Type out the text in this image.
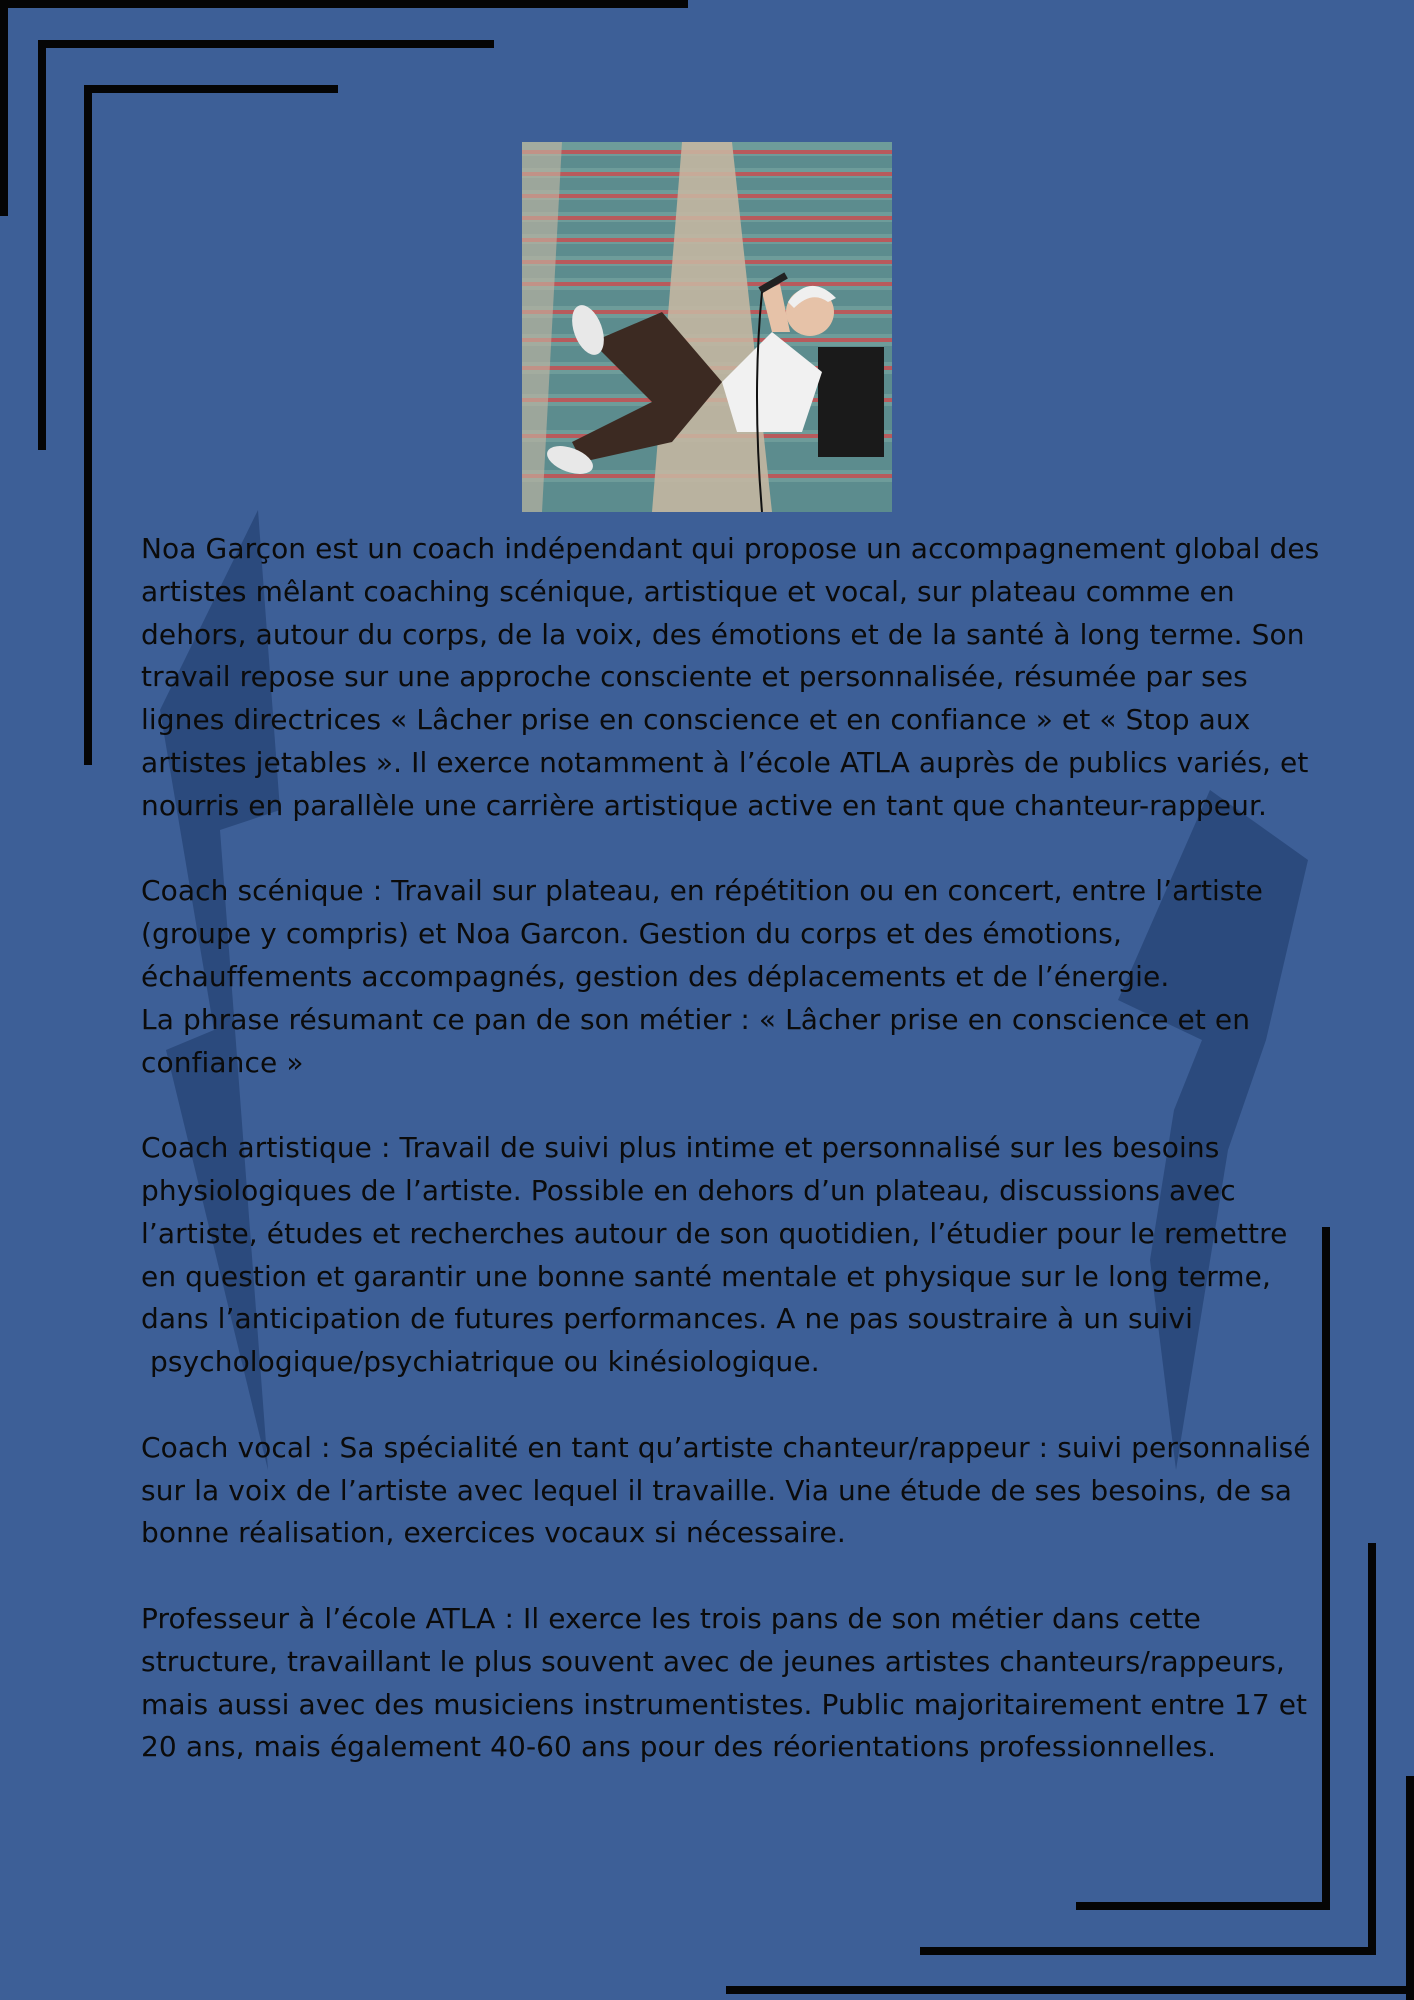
Noa Garçon est un coach indépendant qui propose un accompagnement global des
artistes mêlant coaching scénique, artistique et vocal, sur plateau comme en
dehors, autour du corps, de la voix, des émotions et de la santé à long terme. Son
travail repose sur une approche consciente et personnalisée, résumée par ses
lignes directrices « Lâcher prise en conscience et en confiance » et « Stop aux
artistes jetables ». Il exerce notamment à l’école ATLA auprès de publics variés, et
nourris en parallèle une carrière artistique active en tant que chanteur-rappeur.
Coach scénique : Travail sur plateau, en répétition ou en concert, entre l’artiste
(groupe y compris) et Noa Garcon. Gestion du corps et des émotions,
échauffements accompagnés, gestion des déplacements et de l’énergie.
La phrase résumant ce pan de son métier : « Lâcher prise en conscience et en
confiance »
Coach artistique : Travail de suivi plus intime et personnalisé sur les besoins
physiologiques de l’artiste. Possible en dehors d’un plateau, discussions avec
l’artiste, études et recherches autour de son quotidien, l’étudier pour le remettre
en question et garantir une bonne santé mentale et physique sur le long terme,
dans l’anticipation de futures performances. A ne pas soustraire à un suivi
psychologique/psychiatrique ou kinésiologique.
Coach vocal : Sa spécialité en tant qu’artiste chanteur/rappeur : suivi personnalisé
sur la voix de l’artiste avec lequel il travaille. Via une étude de ses besoins, de sa
bonne réalisation, exercices vocaux si nécessaire.
Professeur à l’école ATLA : Il exerce les trois pans de son métier dans cette
structure, travaillant le plus souvent avec de jeunes artistes chanteurs/rappeurs,
mais aussi avec des musiciens instrumentistes. Public majoritairement entre 17 et
20 ans, mais également 40-60 ans pour des réorientations professionnelles.
